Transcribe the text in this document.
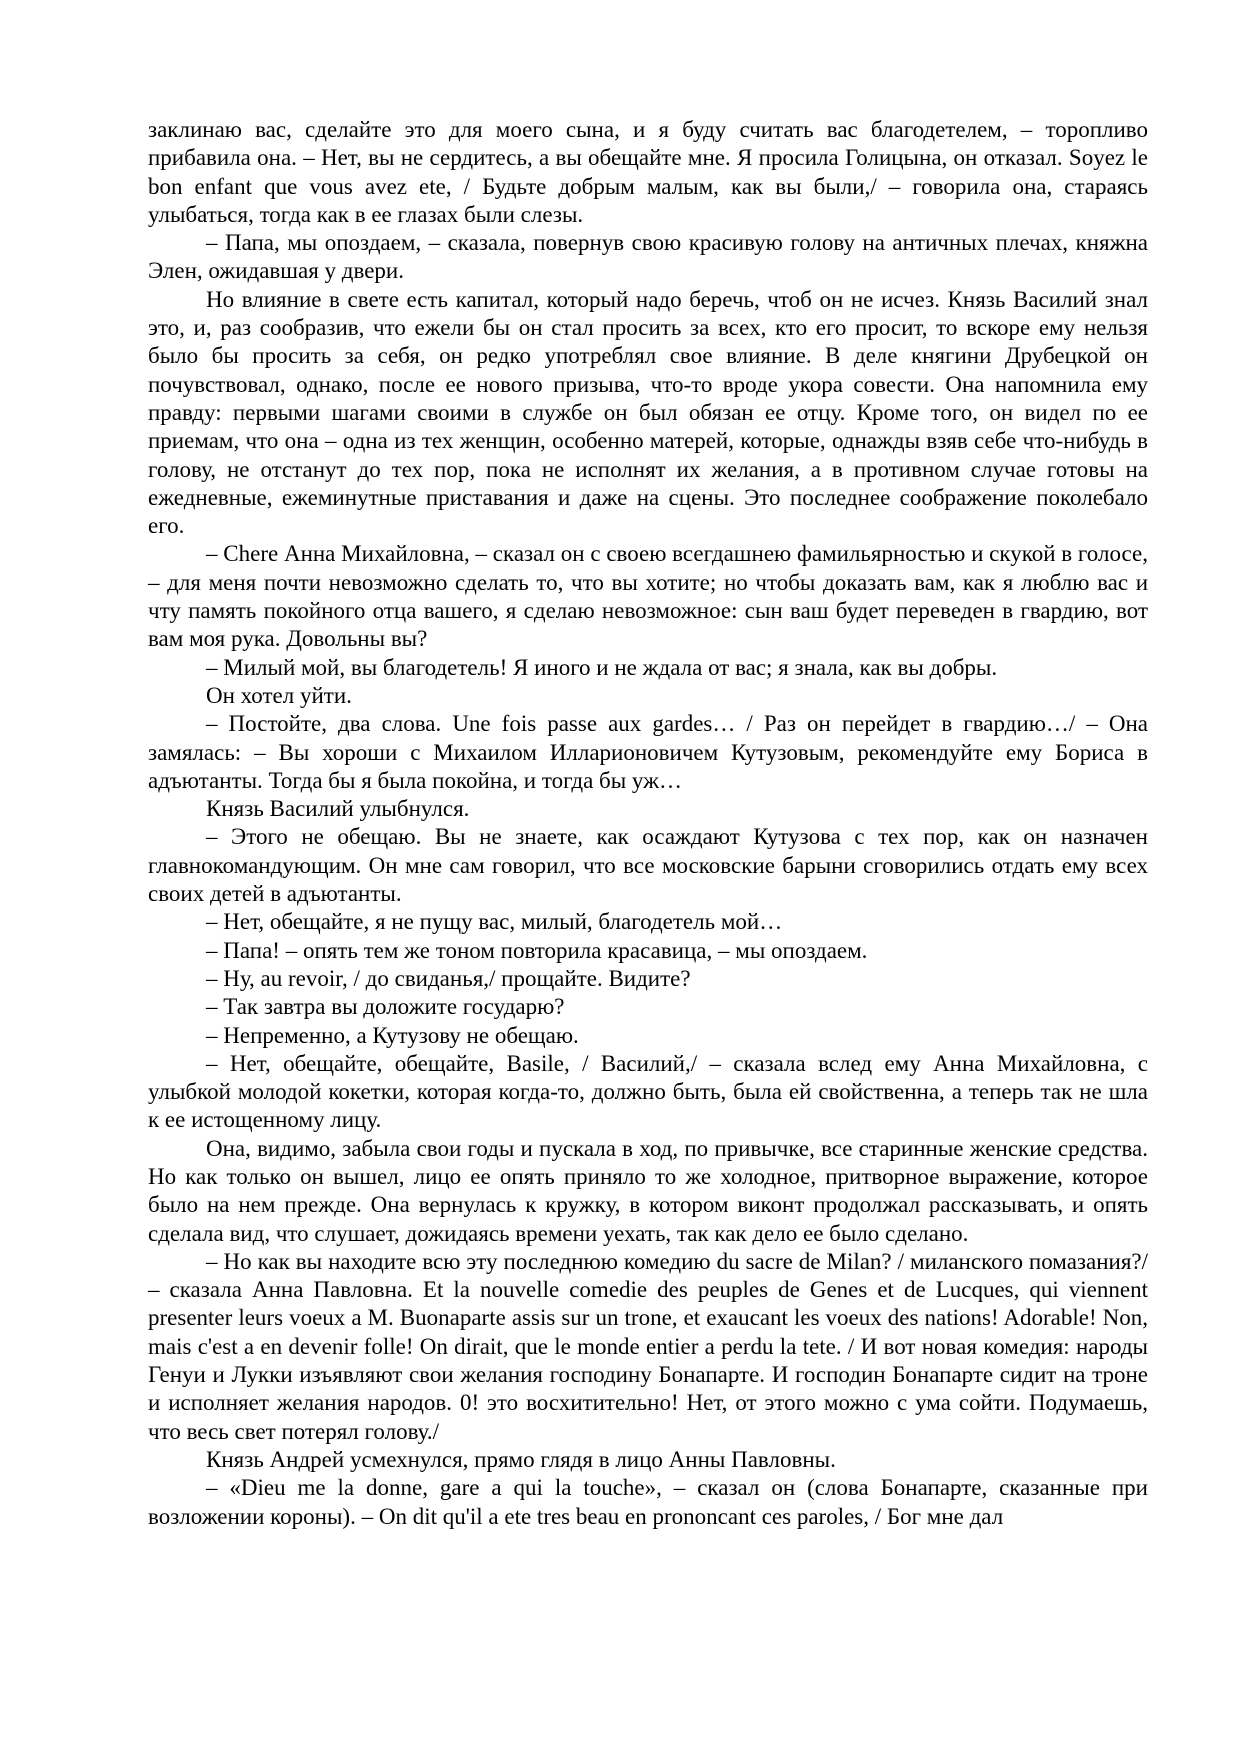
заклинаю вас, сделайте это для моего сына, и я буду считать вас благодетелем, – торопливо прибавила она. – Нет, вы не сердитесь, а вы обещайте мне. Я просила Голицына, он отказал. Soyez le bon enfant que vous avez ete, / Будьте добрым малым, как вы были,/ – говорила она, стараясь улыбаться, тогда как в ее глазах были слезы.

– Папа, мы опоздаем, – сказала, повернув свою красивую голову на античных плечах, княжна Элен, ожидавшая у двери.

Но влияние в свете есть капитал, который надо беречь, чтоб он не исчез. Князь Василий знал это, и, раз сообразив, что ежели бы он стал просить за всех, кто его просит, то вскоре ему нельзя было бы просить за себя, он редко употреблял свое влияние. В деле княгини Друбецкой он почувствовал, однако, после ее нового призыва, что-то вроде укора совести. Она напомнила ему правду: первыми шагами своими в службе он был обязан ее отцу. Кроме того, он видел по ее приемам, что она – одна из тех женщин, особенно матерей, которые, однажды взяв себе что-нибудь в голову, не отстанут до тех пор, пока не исполнят их желания, а в противном случае готовы на ежедневные, ежеминутные приставания и даже на сцены. Это последнее соображение поколебало его.

– Chere Анна Михайловна, – сказал он с своею всегдашнею фамильярностью и скукой в голосе, – для меня почти невозможно сделать то, что вы хотите; но чтобы доказать вам, как я люблю вас и чту память покойного отца вашего, я сделаю невозможное: сын ваш будет переведен в гвардию, вот вам моя рука. Довольны вы?

– Милый мой, вы благодетель! Я иного и не ждала от вас; я знала, как вы добры.

Он хотел уйти.

– Постойте, два слова. Une fois passe aux gardes… / Раз он перейдет в гвардию…/ – Она замялась: – Вы хороши с Михаилом Илларионовичем Кутузовым, рекомендуйте ему Бориса в адъютанты. Тогда бы я была покойна, и тогда бы уж…

Князь Василий улыбнулся.

– Этого не обещаю. Вы не знаете, как осаждают Кутузова с тех пор, как он назначен главнокомандующим. Он мне сам говорил, что все московские барыни сговорились отдать ему всех своих детей в адъютанты.

– Нет, обещайте, я не пущу вас, милый, благодетель мой…

– Папа! – опять тем же тоном повторила красавица, – мы опоздаем.

– Ну, au revoir, / до свиданья,/ прощайте. Видите?

– Так завтра вы доложите государю?

– Непременно, а Кутузову не обещаю.

– Нет, обещайте, обещайте, Basile, / Василий,/ – сказала вслед ему Анна Михайловна, с улыбкой молодой кокетки, которая когда-то, должно быть, была ей свойственна, а теперь так не шла к ее истощенному лицу.

Она, видимо, забыла свои годы и пускала в ход, по привычке, все старинные женские средства. Но как только он вышел, лицо ее опять приняло то же холодное, притворное выражение, которое было на нем прежде. Она вернулась к кружку, в котором виконт продолжал рассказывать, и опять сделала вид, что слушает, дожидаясь времени уехать, так как дело ее было сделано.

– Но как вы находите всю эту последнюю комедию du sacre de Milan? / миланского помазания?/ – сказала Анна Павловна. Et la nouvelle comedie des peuples de Genes et de Lucques, qui viennent presenter leurs voeux a M. Buonaparte assis sur un trone, et exaucant les voeux des nations! Adorable! Non, mais c'est a en devenir folle! On dirait, que le monde entier a perdu la tete. / И вот новая комедия: народы Генуи и Лукки изъявляют свои желания господину Бонапарте. И господин Бонапарте сидит на троне и исполняет желания народов. 0! это восхитительно! Нет, от этого можно с ума сойти. Подумаешь, что весь свет потерял голову./

Князь Андрей усмехнулся, прямо глядя в лицо Анны Павловны.

– «Dieu me la donne, gare a qui la touche», – сказал он (слова Бонапарте, сказанные при возложении короны). – On dit qu'il a ete tres beau en prononcant ces paroles, / Бог мне дал
